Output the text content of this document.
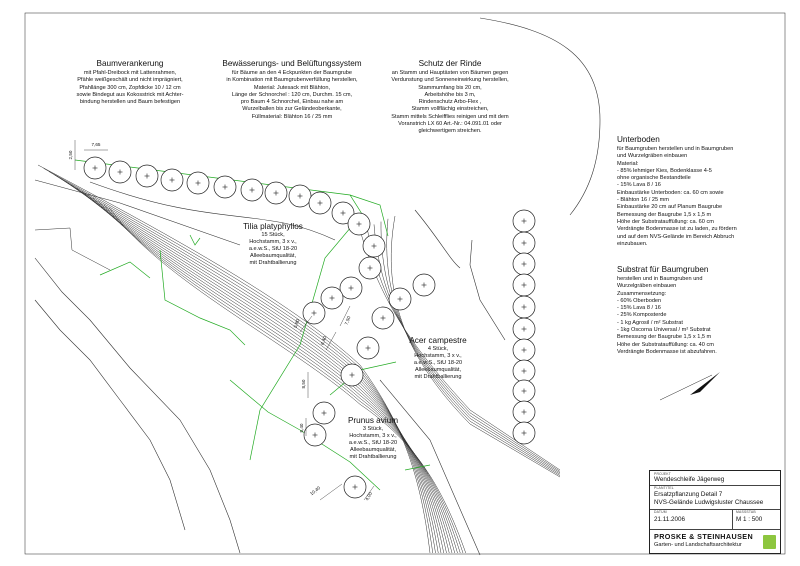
2,50
7,65
5,80
6,40
7,50
8,50
5,40
10,40	4,00
Baumverankerung
mit Pfahl-Dreibock mit Lattenrahmen,
Pfähle weißgeschält und nicht imprägniert,
Pfahllänge 300 cm, Zopfdicke 10 / 12 cm
sowie Bindegut aus Kokosstrick mit Achter-
bindung herstellen und Baum befestigen
Bewässerungs- und Belüftungssystem
für Bäume an den 4 Eckpunkten der Baumgrube
in Kombination mit Baumgrubenverfüllung herstellen,
Material: Jutesack mit Blähton,
Länge der Schnorchel : 120 cm, Durchm. 15 cm,
pro Baum 4 Schnorchel, Einbau nahe am
Wurzelballen bis zur Geländeoberkante,
Füllmaterial: Blähton 16 / 25 mm
Schutz der Rinde
an Stamm und Hauptästen von Bäumen gegen
Verdunstung und Sonneneinwirkung herstellen,
Stammumfang bis 20 cm,
Arbeitshöhe bis 3 m,
Rindenschutz Arbo-Flex ,
Stamm vollflächig einstreichen,
Stamm mittels Schleifflies reinigen und mit dem
Voranstrich LX 60 Art.-Nr.: 04.091.01 oder
gleichwertigem streichen.
Unterboden
für Baumgruben herstellen und in Baumgruben
und Wurzelgräben einbauen
Material:
- 85% lehmiger Kies, Bodenklasse 4-5
ohne organische Bestandteile
- 15% Lava 8 / 16
Einbaustärke Unterboden: ca. 60 cm sowie
- Blähton 16 / 25 mm
Einbaustärke 20 cm auf Planum Baugrube
Bemessung der Baugrube 1,5 x 1,5 m
Höhe der Substratauffüllung: ca. 60 cm
Verdrängte Bodenmasse ist zu laden, zu fördern
und auf dem NVS-Gelände im Bereich Abbruch
einzubauen.
Substrat für Baumgruben
herstellen und in Baumgruben und
Wurzelgräben einbauen
Zusammensetzung:
- 60% Oberboden
- 15% Lava 8 / 16
- 25% Komposterde
- 1 kg Agrosil / m² Substrat
- 1kg Oscorna Universal / m² Substrat
Bemessung der Baugrube 1,5 x 1,5 m
Höhe der Substratauffüllung: ca. 40 cm
Verdrängte Bodenmasse ist abzufahren.
Tilia platyphyllos
15 Stück,
Hochstamm, 3 x v.,
a.e.w.S., StU 18-20
Alleebaumqualität,
mit Drahtballierung
Acer campestre
4 Stück,
Hochstamm, 3 x v.,
a.e.w.S., StU 18-20
Alleebaumqualität,
mit Drahtballierung
Prunus avium
3 Stück,
Hochstamm, 3 x v.,
a.e.w.S., StU 18-20
Alleebaumqualität,
mit Drahtballierung
PROJEKT
Wendeschleife Jägerweg
PLANTITEL
Ersatzpflanzung Detail 7
NVS-Gelände Ludwigsluster Chaussee
DATUM
21.11.2006
MASSSTAB
M 1 : 500
PROSKE & STEINHAUSEN
Garten- und Landschaftsarchitektur
